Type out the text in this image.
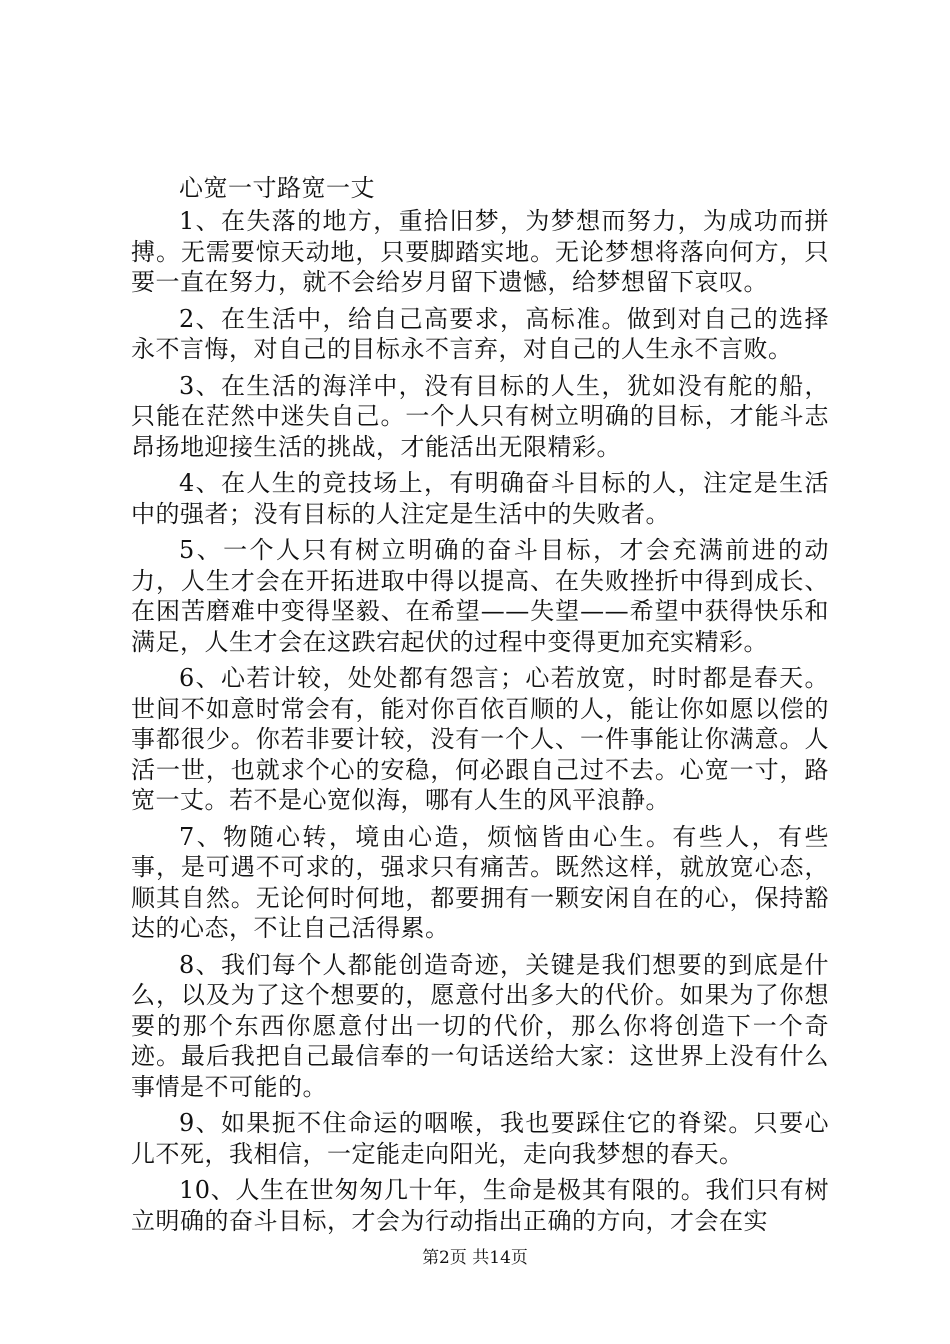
心宽一寸路宽一丈

1、在失落的地方，重拾旧梦，为梦想而努力，为成功而拼搏。无需要惊天动地，只要脚踏实地。无论梦想将落向何方，只要一直在努力，就不会给岁月留下遗憾，给梦想留下哀叹。

2、在生活中，给自己高要求，高标准。做到对自己的选择永不言悔，对自己的目标永不言弃，对自己的人生永不言败。

3、在生活的海洋中，没有目标的人生，犹如没有舵的船，只能在茫然中迷失自己。一个人只有树立明确的目标，才能斗志昂扬地迎接生活的挑战，才能活出无限精彩。

4、在人生的竞技场上，有明确奋斗目标的人，注定是生活中的强者；没有目标的人注定是生活中的失败者。

5、一个人只有树立明确的奋斗目标，才会充满前进的动力，人生才会在开拓进取中得以提高、在失败挫折中得到成长、在困苦磨难中变得坚毅、在希望——失望——希望中获得快乐和满足，人生才会在这跌宕起伏的过程中变得更加充实精彩。

6、心若计较，处处都有怨言；心若放宽，时时都是春天。世间不如意时常会有，能对你百依百顺的人，能让你如愿以偿的事都很少。你若非要计较，没有一个人、一件事能让你满意。人活一世，也就求个心的安稳，何必跟自己过不去。心宽一寸，路宽一丈。若不是心宽似海，哪有人生的风平浪静。

7、物随心转，境由心造，烦恼皆由心生。有些人，有些事，是可遇不可求的，强求只有痛苦。既然这样，就放宽心态，顺其自然。无论何时何地，都要拥有一颗安闲自在的心，保持豁达的心态，不让自己活得累。

8、我们每个人都能创造奇迹，关键是我们想要的到底是什么，以及为了这个想要的，愿意付出多大的代价。如果为了你想要的那个东西你愿意付出一切的代价，那么你将创造下一个奇迹。最后我把自己最信奉的一句话送给大家：这世界上没有什么事情是不可能的。

9、如果扼不住命运的咽喉，我也要踩住它的脊梁。只要心儿不死，我相信，一定能走向阳光，走向我梦想的春天。

10、人生在世匆匆几十年，生命是极其有限的。我们只有树立明确的奋斗目标，才会为行动指出正确的方向，才会在实

第2页 共14页
